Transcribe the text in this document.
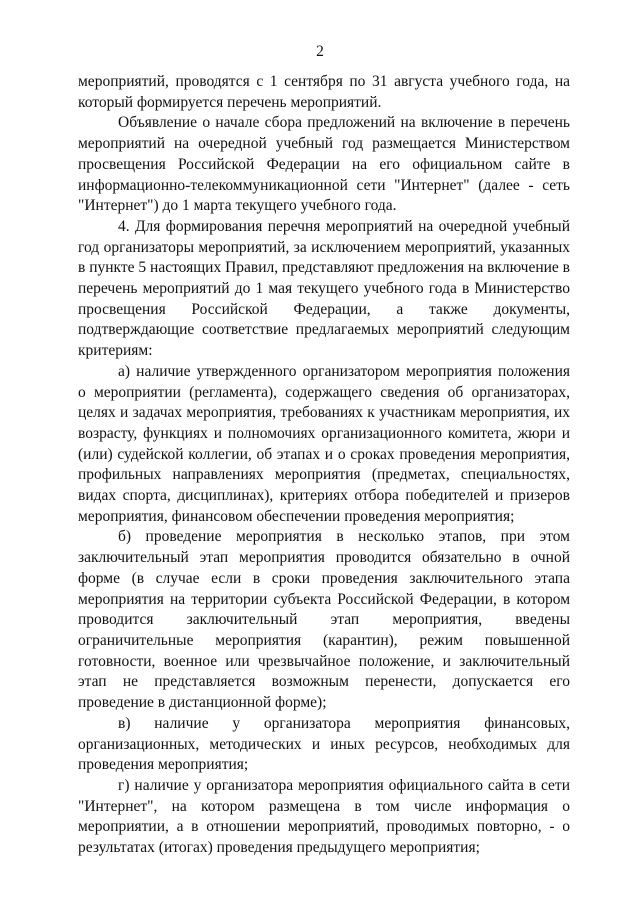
2

мероприятий, проводятся с 1 сентября по 31 августа учебного года, на который формируется перечень мероприятий.

Объявление о начале сбора предложений на включение в перечень мероприятий на очередной учебный год размещается Министерством просвещения Российской Федерации на его официальном сайте в информационно-телекоммуникационной сети "Интернет" (далее - сеть "Интернет") до 1 марта текущего учебного года.

4. Для формирования перечня мероприятий на очередной учебный год организаторы мероприятий, за исключением мероприятий, указанных в пункте 5 настоящих Правил, представляют предложения на включение в перечень мероприятий до 1 мая текущего учебного года в Министерство просвещения Российской Федерации, а также документы, подтверждающие соответствие предлагаемых мероприятий следующим критериям:

а) наличие утвержденного организатором мероприятия положения о мероприятии (регламента), содержащего сведения об организаторах, целях и задачах мероприятия, требованиях к участникам мероприятия, их возрасту, функциях и полномочиях организационного комитета, жюри и (или) судейской коллегии, об этапах и о сроках проведения мероприятия, профильных направлениях мероприятия (предметах, специальностях, видах спорта, дисциплинах), критериях отбора победителей и призеров мероприятия, финансовом обеспечении проведения мероприятия;

б) проведение мероприятия в несколько этапов, при этом заключительный этап мероприятия проводится обязательно в очной форме (в случае если в сроки проведения заключительного этапа мероприятия на территории субъекта Российской Федерации, в котором проводится заключительный этап мероприятия, введены ограничительные мероприятия (карантин), режим повышенной готовности, военное или чрезвычайное положение, и заключительный этап не представляется возможным перенести, допускается его проведение в дистанционной форме);

в) наличие у организатора мероприятия финансовых, организационных, методических и иных ресурсов, необходимых для проведения мероприятия;

г) наличие у организатора мероприятия официального сайта в сети "Интернет", на котором размещена в том числе информация о мероприятии, а в отношении мероприятий, проводимых повторно, - о результатах (итогах) проведения предыдущего мероприятия;
